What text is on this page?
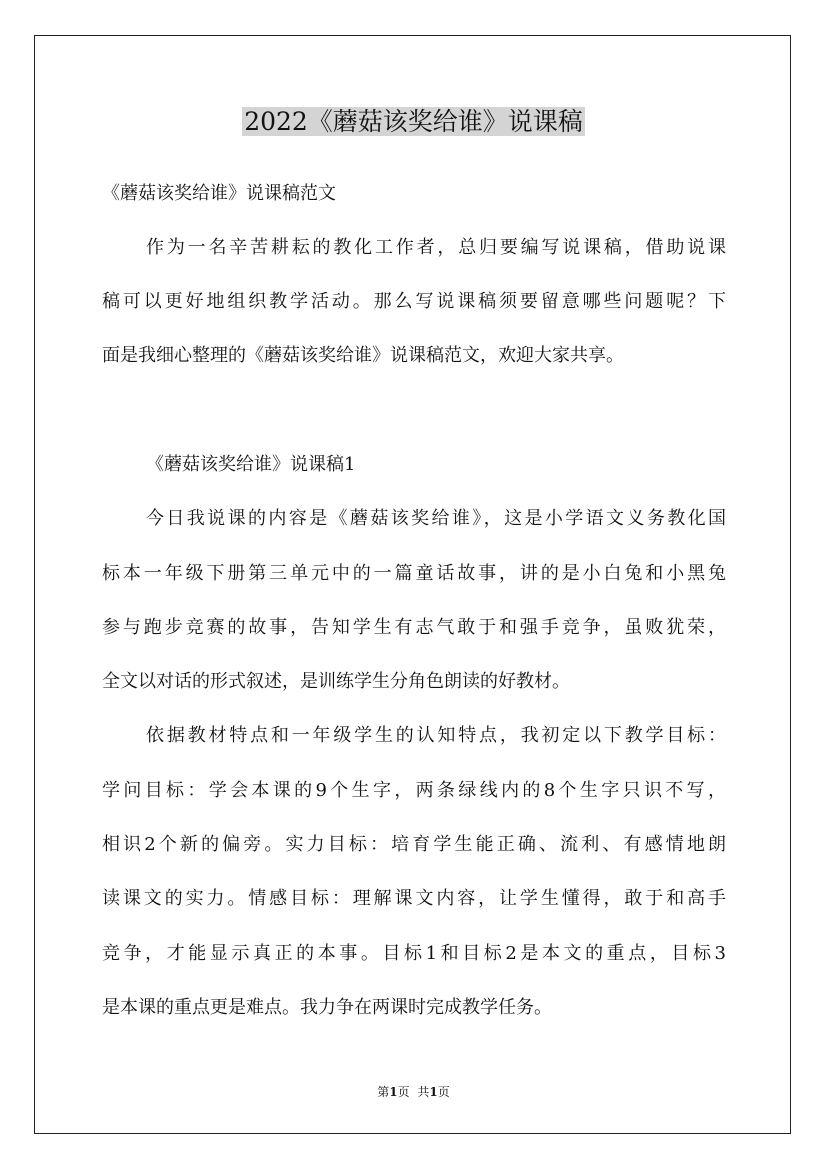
2022《蘑菇该奖给谁》说课稿

《蘑菇该奖给谁》说课稿范文

作为一名辛苦耕耘的教化工作者，总归要编写说课稿，借助说课

稿可以更好地组织教学活动。那么写说课稿须要留意哪些问题呢？下

面是我细心整理的《蘑菇该奖给谁》说课稿范文，欢迎大家共享。

《蘑菇该奖给谁》说课稿1

今日我说课的内容是《蘑菇该奖给谁》，这是小学语文义务教化国

标本一年级下册第三单元中的一篇童话故事，讲的是小白兔和小黑兔

参与跑步竞赛的故事，告知学生有志气敢于和强手竞争，虽败犹荣，

全文以对话的形式叙述，是训练学生分角色朗读的好教材。

依据教材特点和一年级学生的认知特点，我初定以下教学目标：

学问目标：学会本课的9个生字，两条绿线内的8个生字只识不写，

相识2个新的偏旁。实力目标：培育学生能正确、流利、有感情地朗

读课文的实力。情感目标：理解课文内容，让学生懂得，敢于和高手

竞争，才能显示真正的本事。目标1和目标2是本文的重点，目标3

是本课的重点更是难点。我力争在两课时完成教学任务。

第1页 共1页
